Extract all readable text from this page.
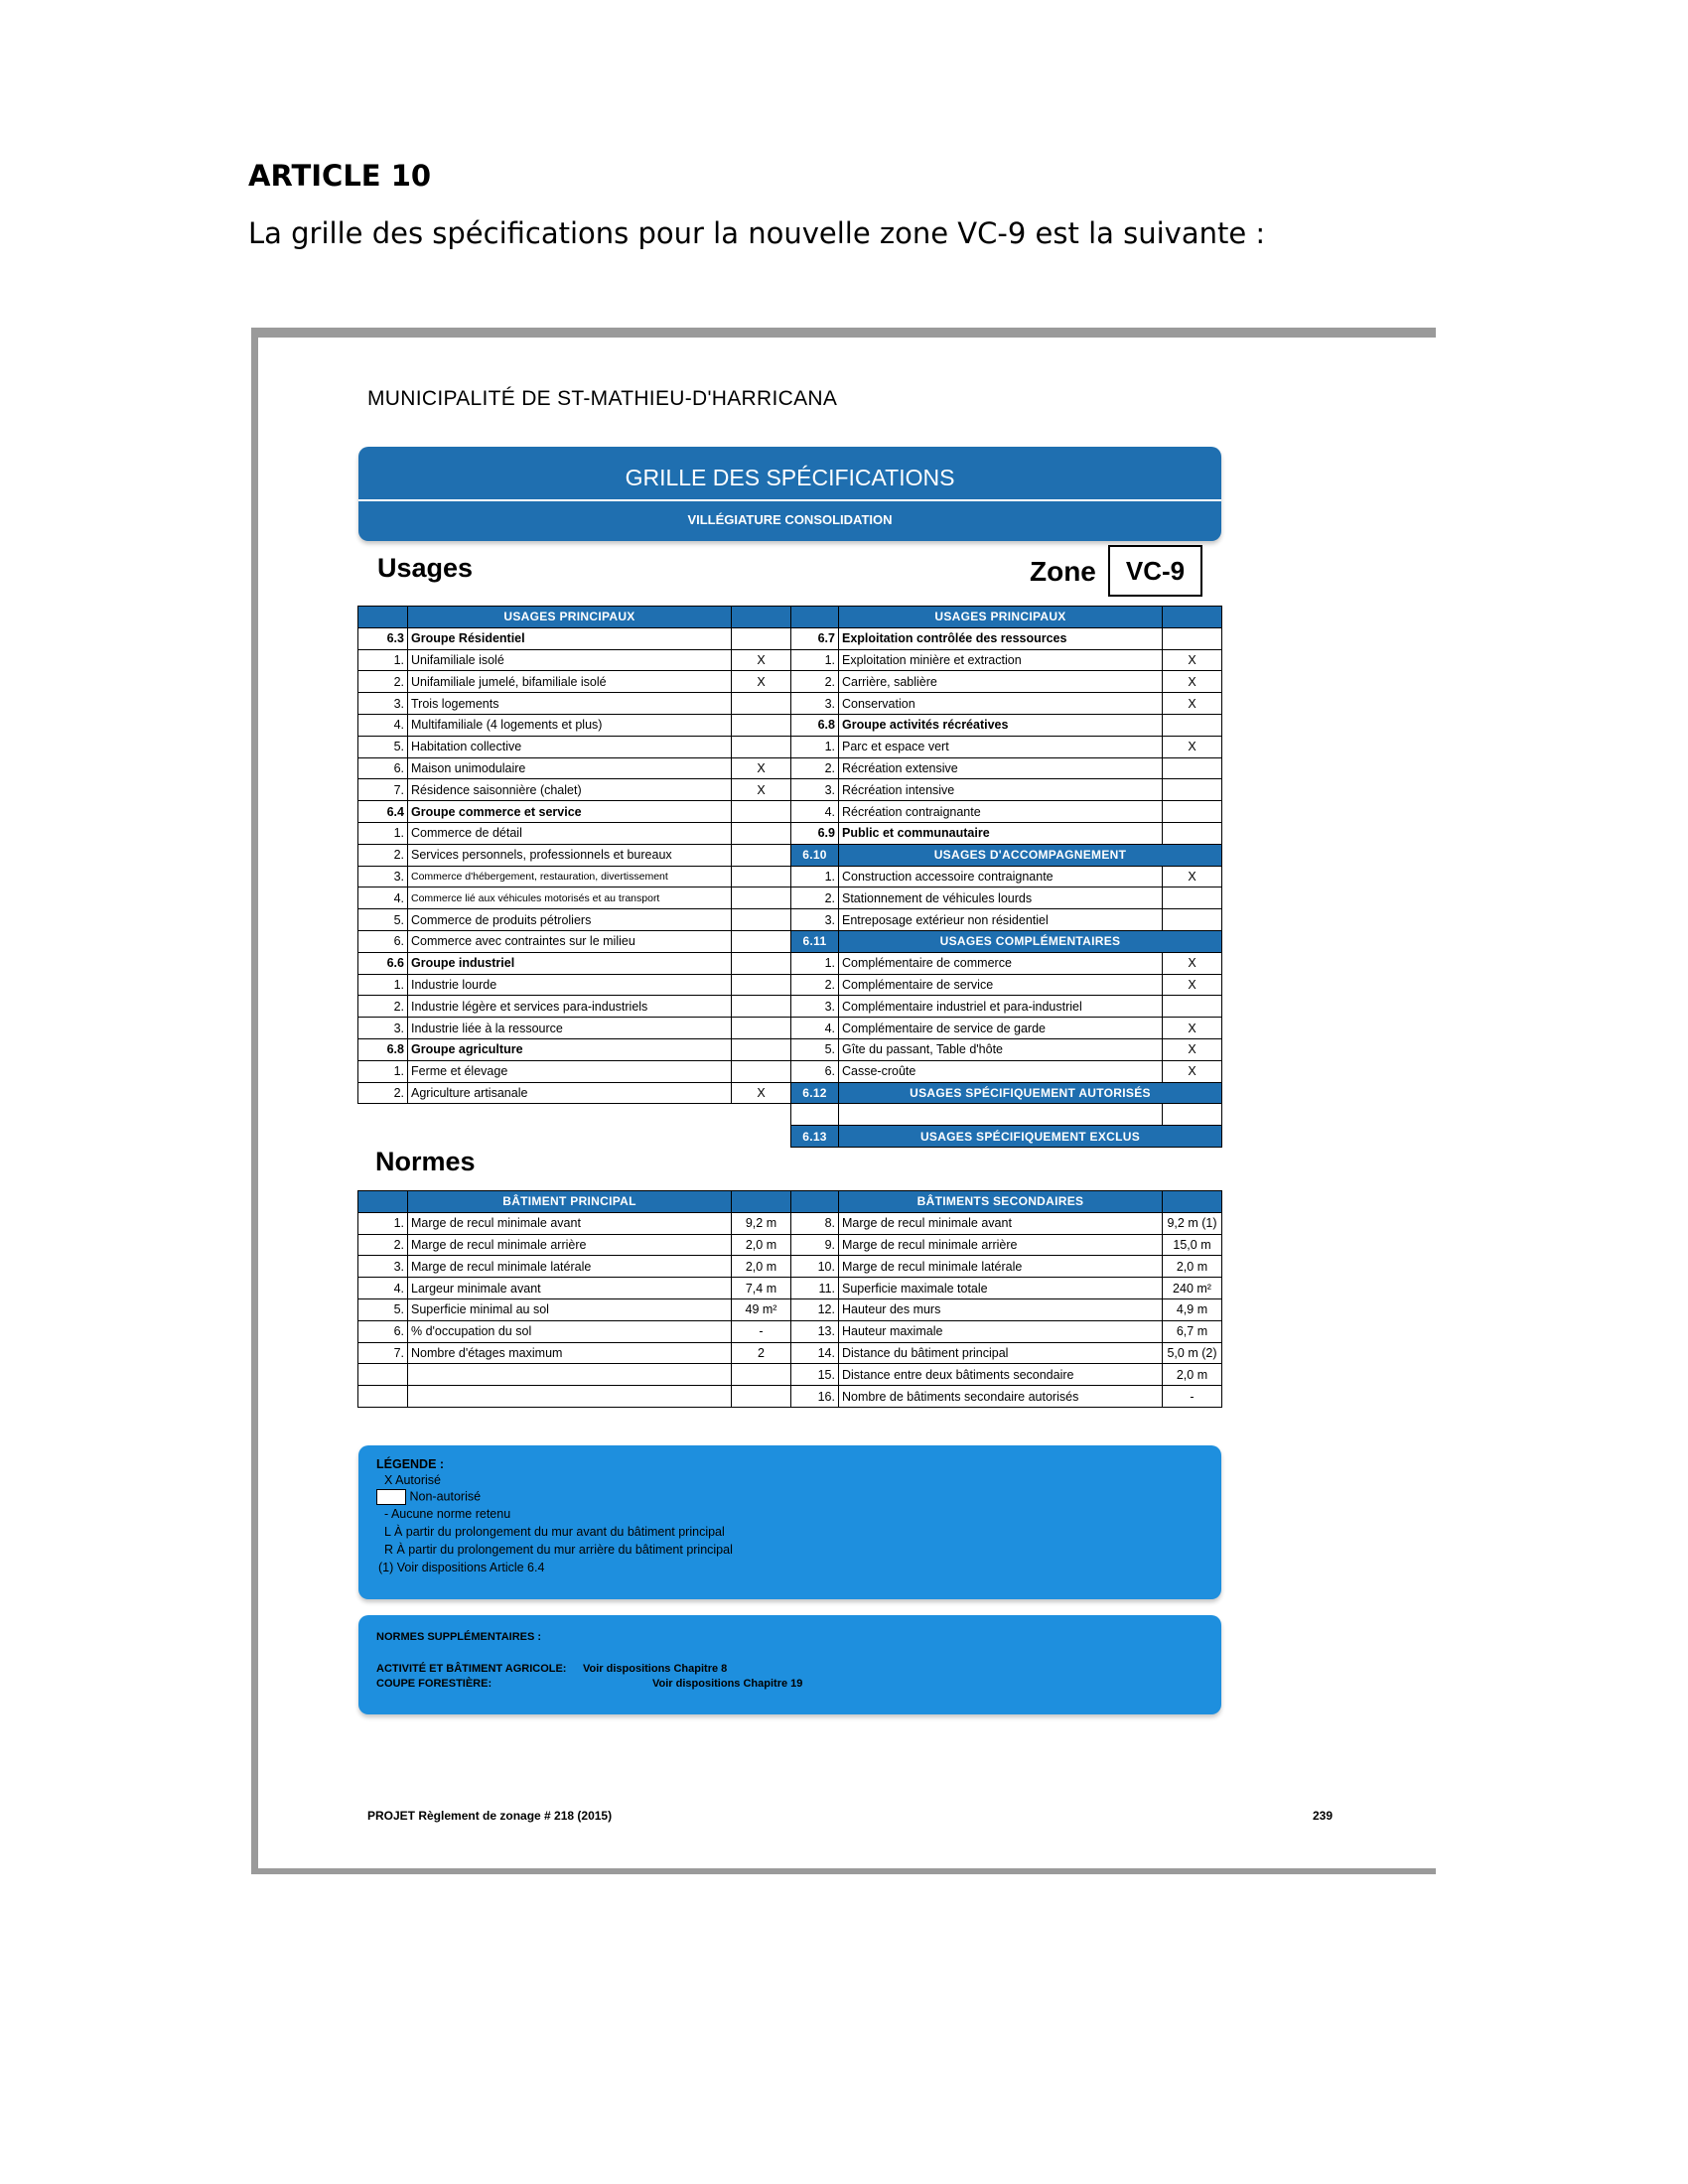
ARTICLE 10
La grille des spécifications pour la nouvelle zone VC-9 est la suivante :
MUNICIPALITÉ DE ST-MATHIEU-D'HARRICANA
GRILLE DES SPÉCIFICATIONS
VILLÉGIATURE CONSOLIDATION
Usages	Zone	VC-9
	USAGES PRINCIPAUX	
6.3	Groupe Résidentiel	
1.	Unifamiliale isolé	X
2.	Unifamiliale jumelé, bifamiliale isolé	X
3.	Trois logements	
4.	Multifamiliale (4 logements et plus)	
5.	Habitation collective	
6.	Maison unimodulaire	X
7.	Résidence saisonnière (chalet)	X
6.4	Groupe commerce et service	
1.	Commerce de détail	
2.	Services personnels, professionnels et bureaux	
3.	Commerce d'hébergement, restauration, divertissement	
4.	Commerce lié aux véhicules motorisés et au transport	
5.	Commerce de produits pétroliers	
6.	Commerce avec contraintes sur le milieu	
6.6	Groupe industriel	
1.	Industrie lourde	
2.	Industrie légère et services para-industriels	
3.	Industrie liée à la ressource	
6.8	Groupe agriculture	
1.	Ferme et élevage	
2.	Agriculture artisanale	X
	USAGES PRINCIPAUX	
6.7	Exploitation contrôlée des ressources	
1.	Exploitation minière et extraction	X
2.	Carrière, sablière	X
3.	Conservation	X
6.8	Groupe activités récréatives	
1.	Parc et espace vert	X
2.	Récréation extensive	
3.	Récréation intensive	
4.	Récréation contraignante	
6.9	Public et communautaire	
6.10	USAGES D'ACCOMPAGNEMENT	
1.	Construction accessoire contraignante	X
2.	Stationnement de véhicules lourds	
3.	Entreposage extérieur non résidentiel	
6.11	USAGES COMPLÉMENTAIRES	
1.	Complémentaire de commerce	X
2.	Complémentaire de service	X
3.	Complémentaire industriel et para-industriel	
4.	Complémentaire de service de garde	X
5.	Gîte du passant, Table d'hôte	X
6.	Casse-croûte	X
6.12	USAGES SPÉCIFIQUEMENT AUTORISÉS	

6.13	USAGES SPÉCIFIQUEMENT EXCLUS	
Normes
	BÂTIMENT PRINCIPAL	
1.	Marge de recul minimale avant	9,2 m
2.	Marge de recul minimale arrière	2,0 m
3.	Marge de recul minimale latérale	2,0 m
4.	Largeur minimale avant	7,4 m
5.	Superficie minimal au sol	49 m²
6.	% d'occupation du sol	-
7.	Nombre d'étages maximum	2

	BÂTIMENTS SECONDAIRES	
8.	Marge de recul minimale avant	9,2 m (1)
9.	Marge de recul minimale arrière	15,0 m
10.	Marge de recul minimale latérale	2,0 m
11.	Superficie maximale totale	240 m²
12.	Hauteur des murs	4,9 m
13.	Hauteur maximale	6,7 m
14.	Distance du bâtiment principal	5,0 m (2)
15.	Distance entre deux bâtiments secondaire	2,0 m
16.	Nombre de bâtiments secondaire autorisés	-
LÉGENDE :
X Autorisé
Non-autorisé
- Aucune norme retenu
L À partir du prolongement du mur avant du bâtiment principal
R À partir du prolongement du mur arrière du bâtiment principal
(1) Voir dispositions Article 6.4
NORMES SUPPLÉMENTAIRES :
ACTIVITÉ ET BÂTIMENT AGRICOLE: Voir dispositions Chapitre 8
COUPE FORESTIÈRE:	Voir dispositions Chapitre 19
PROJET Règlement de zonage # 218 (2015)	239
